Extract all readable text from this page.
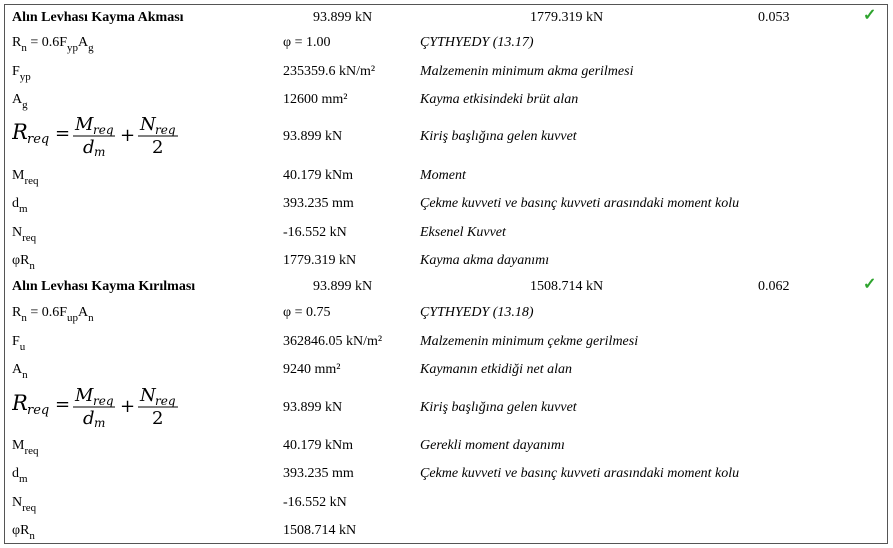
Alın Levhası Kayma Akması	93.899 kN	1779.319 kN	0.053	✓
$R_n = 0.6F_{yp}A_g$	φ = 1.00	ÇYTHYEDY (13.17)
$F_{yp}$	235359.6 kN/m²	Malzemenin minimum akma gerilmesi
$A_g$	12600 mm²	Kayma etkisindeki brüt alan
R req = M req
d m
+
N req
2
93.899 kN	Kiriş başlığına gelen kuvvet
$M_{req}$	40.179 kNm	Moment
$d_m$	393.235 mm	Çekme kuvveti ve basınç kuvveti arasındaki moment kolu
$N_{req}$	-16.552 kN	Eksenel Kuvvet
$\varphi R_n$	1779.319 kN	Kayma akma dayanımı
Alın Levhası Kayma Kırılması	93.899 kN	1508.714 kN	0.062	✓
$R_n = 0.6F_{up}A_n$	φ = 0.75	ÇYTHYEDY (13.18)
$F_u$	362846.05 kN/m²	Malzemenin minimum çekme gerilmesi
$A_n$	9240 mm²	Kaymanın etkidiği net alan
R req = M req
d m
+
N req
2
93.899 kN	Kiriş başlığına gelen kuvvet
$M_{req}$	40.179 kNm	Gerekli moment dayanımı
$d_m$	393.235 mm	Çekme kuvveti ve basınç kuvveti arasındaki moment kolu
$N_{req}$	-16.552 kN
$\varphi R_n$	1508.714 kN
